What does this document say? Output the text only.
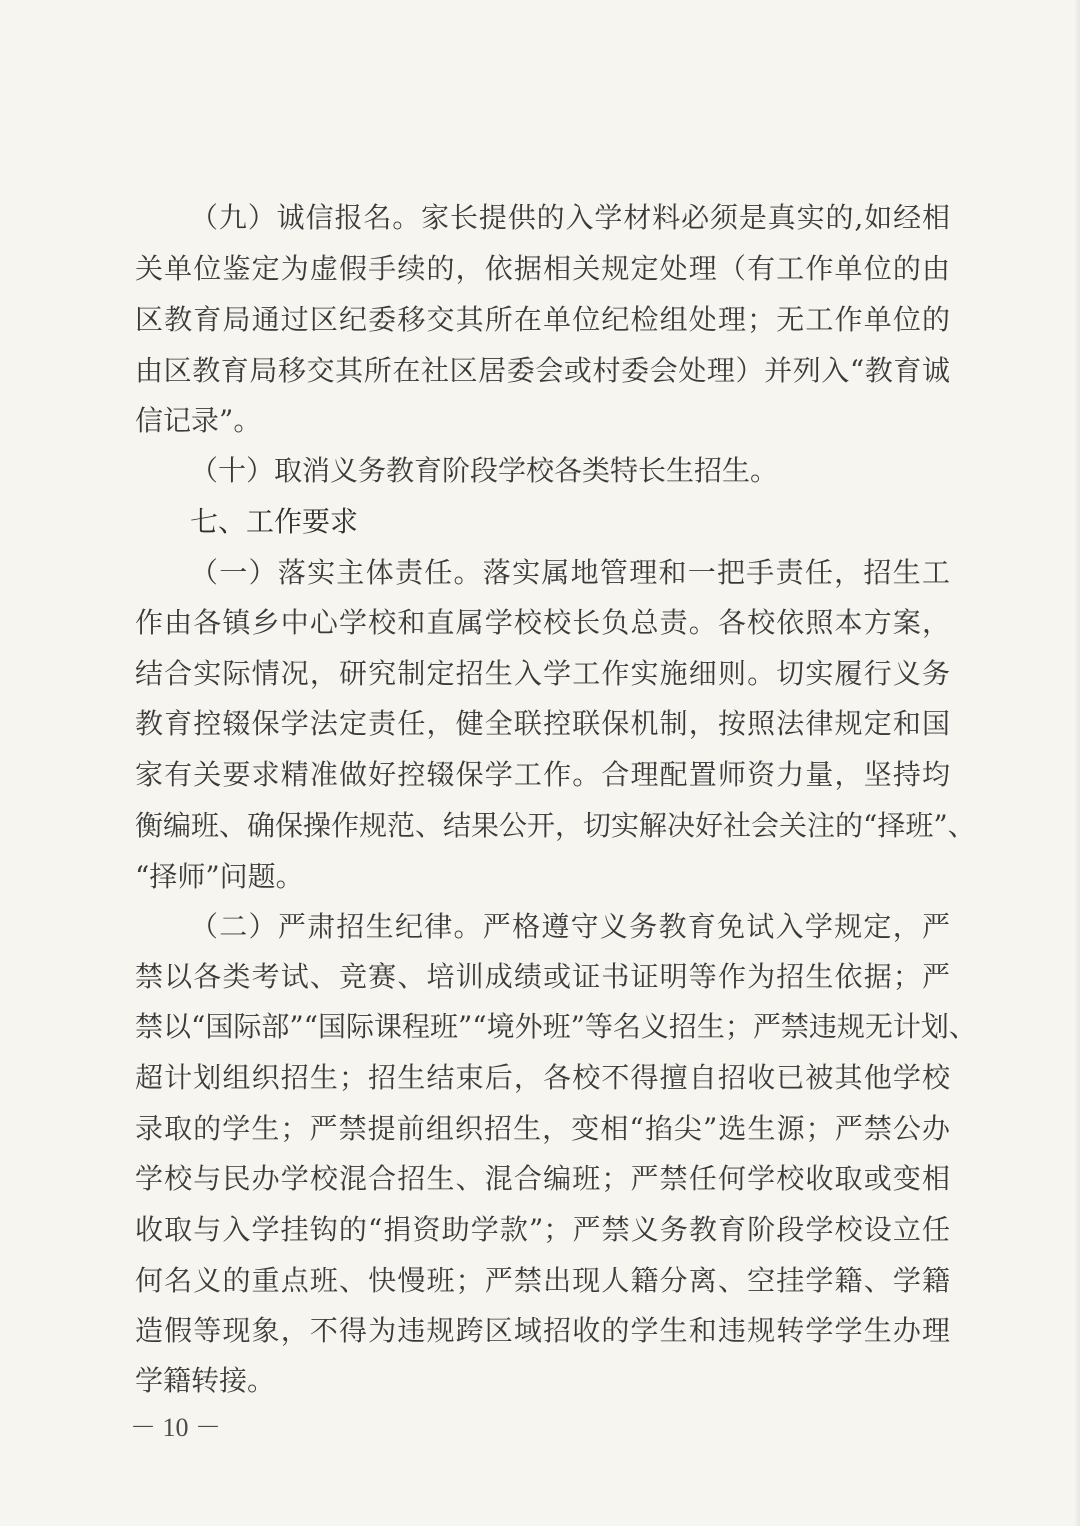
（九）诚信报名。家长提供的入学材料必须是真实的,如经相
关单位鉴定为虚假手续的，依据相关规定处理（有工作单位的由
区教育局通过区纪委移交其所在单位纪检组处理；无工作单位的
由区教育局移交其所在社区居委会或村委会处理）并列入“教育诚
信记录”。
（十）取消义务教育阶段学校各类特长生招生。
七、工作要求
（一）落实主体责任。落实属地管理和一把手责任，招生工
作由各镇乡中心学校和直属学校校长负总责。各校依照本方案，
结合实际情况，研究制定招生入学工作实施细则。切实履行义务
教育控辍保学法定责任，健全联控联保机制，按照法律规定和国
家有关要求精准做好控辍保学工作。合理配置师资力量，坚持均
衡编班、确保操作规范、结果公开，切实解决好社会关注的“择班”、
“择师”问题。
（二）严肃招生纪律。严格遵守义务教育免试入学规定，严
禁以各类考试、竞赛、培训成绩或证书证明等作为招生依据；严
禁以“国际部”“国际课程班”“境外班”等名义招生；严禁违规无计划、
超计划组织招生；招生结束后，各校不得擅自招收已被其他学校
录取的学生；严禁提前组织招生，变相“掐尖”选生源；严禁公办
学校与民办学校混合招生、混合编班；严禁任何学校收取或变相
收取与入学挂钩的“捐资助学款”；严禁义务教育阶段学校设立任
何名义的重点班、快慢班；严禁出现人籍分离、空挂学籍、学籍
造假等现象，不得为违规跨区域招收的学生和违规转学学生办理
学籍转接。
－ 10 －
